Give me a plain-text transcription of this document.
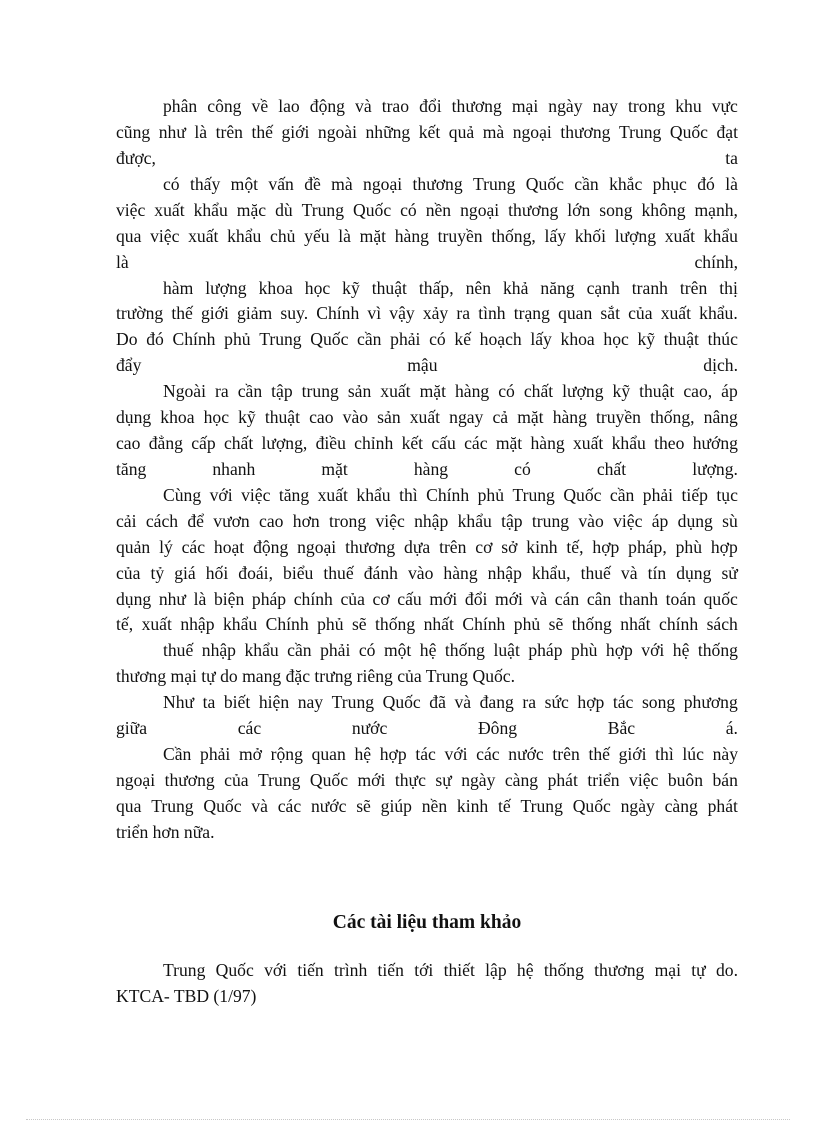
phân công về lao động và trao đổi thương mại ngày nay trong khu vực
cũng như là trên thế giới ngoài những kết quả mà ngoại thương Trung Quốc đạt
được,	ta
có thấy một vấn đề mà ngoại thương Trung Quốc cần khắc phục đó là
việc xuất khẩu mặc dù Trung Quốc có nền ngoại thương lớn song không mạnh,
qua việc xuất khẩu chủ yếu là mặt hàng truyền thống, lấy khối lượng xuất khẩu
là	chính,
hàm lượng khoa học kỹ thuật thấp, nên khả năng cạnh tranh trên thị
trường thế giới giảm suy. Chính vì vậy xảy ra tình trạng quan sắt của xuất khẩu.
Do đó Chính phủ Trung Quốc cần phải có kế hoạch lấy khoa học kỹ thuật thúc
đẩy	mậu	dịch.
Ngoài ra cần tập trung sản xuất mặt hàng có chất lượng kỹ thuật cao, áp
dụng khoa học kỹ thuật cao vào sản xuất ngay cả mặt hàng truyền thống, nâng
cao đẳng cấp chất lượng, điều chỉnh kết cấu các mặt hàng xuất khẩu theo hướng
tăng	nhanh	mặt	hàng	có	chất	lượng.
Cùng với việc tăng xuất khẩu thì Chính phủ Trung Quốc cần phải tiếp tục
cải cách để vươn cao hơn trong việc nhập khẩu tập trung vào việc áp dụng sù
quản lý các hoạt động ngoại thương dựa trên cơ sở kinh tế, hợp pháp, phù hợp
của tỷ giá hối đoái, biểu thuế đánh vào hàng nhập khẩu, thuế và tín dụng sử
dụng như là biện pháp chính của cơ cấu mới đổi mới và cán cân thanh toán quốc
tế, xuất nhập khẩu Chính phủ sẽ thống nhất Chính phủ sẽ thống nhất chính sách
thuế nhập khẩu cần phải có một hệ thống luật pháp phù hợp với hệ thống
thương mại tự do mang đặc trưng riêng của Trung Quốc.
Như ta biết hiện nay Trung Quốc đã và đang ra sức hợp tác song phương
giữa	các	nước	Đông	Bắc	á.
Cần phải mở rộng quan hệ hợp tác với các nước trên thế giới thì lúc này
ngoại thương của Trung Quốc mới thực sự ngày càng phát triển việc buôn bán
qua Trung Quốc và các nước sẽ giúp nền kinh tế Trung Quốc ngày càng phát
triển hơn nữa.
Các tài liệu tham khảo
Trung Quốc với tiến trình tiến tới thiết lập hệ thống thương mại tự do.
KTCA- TBD (1/97)
